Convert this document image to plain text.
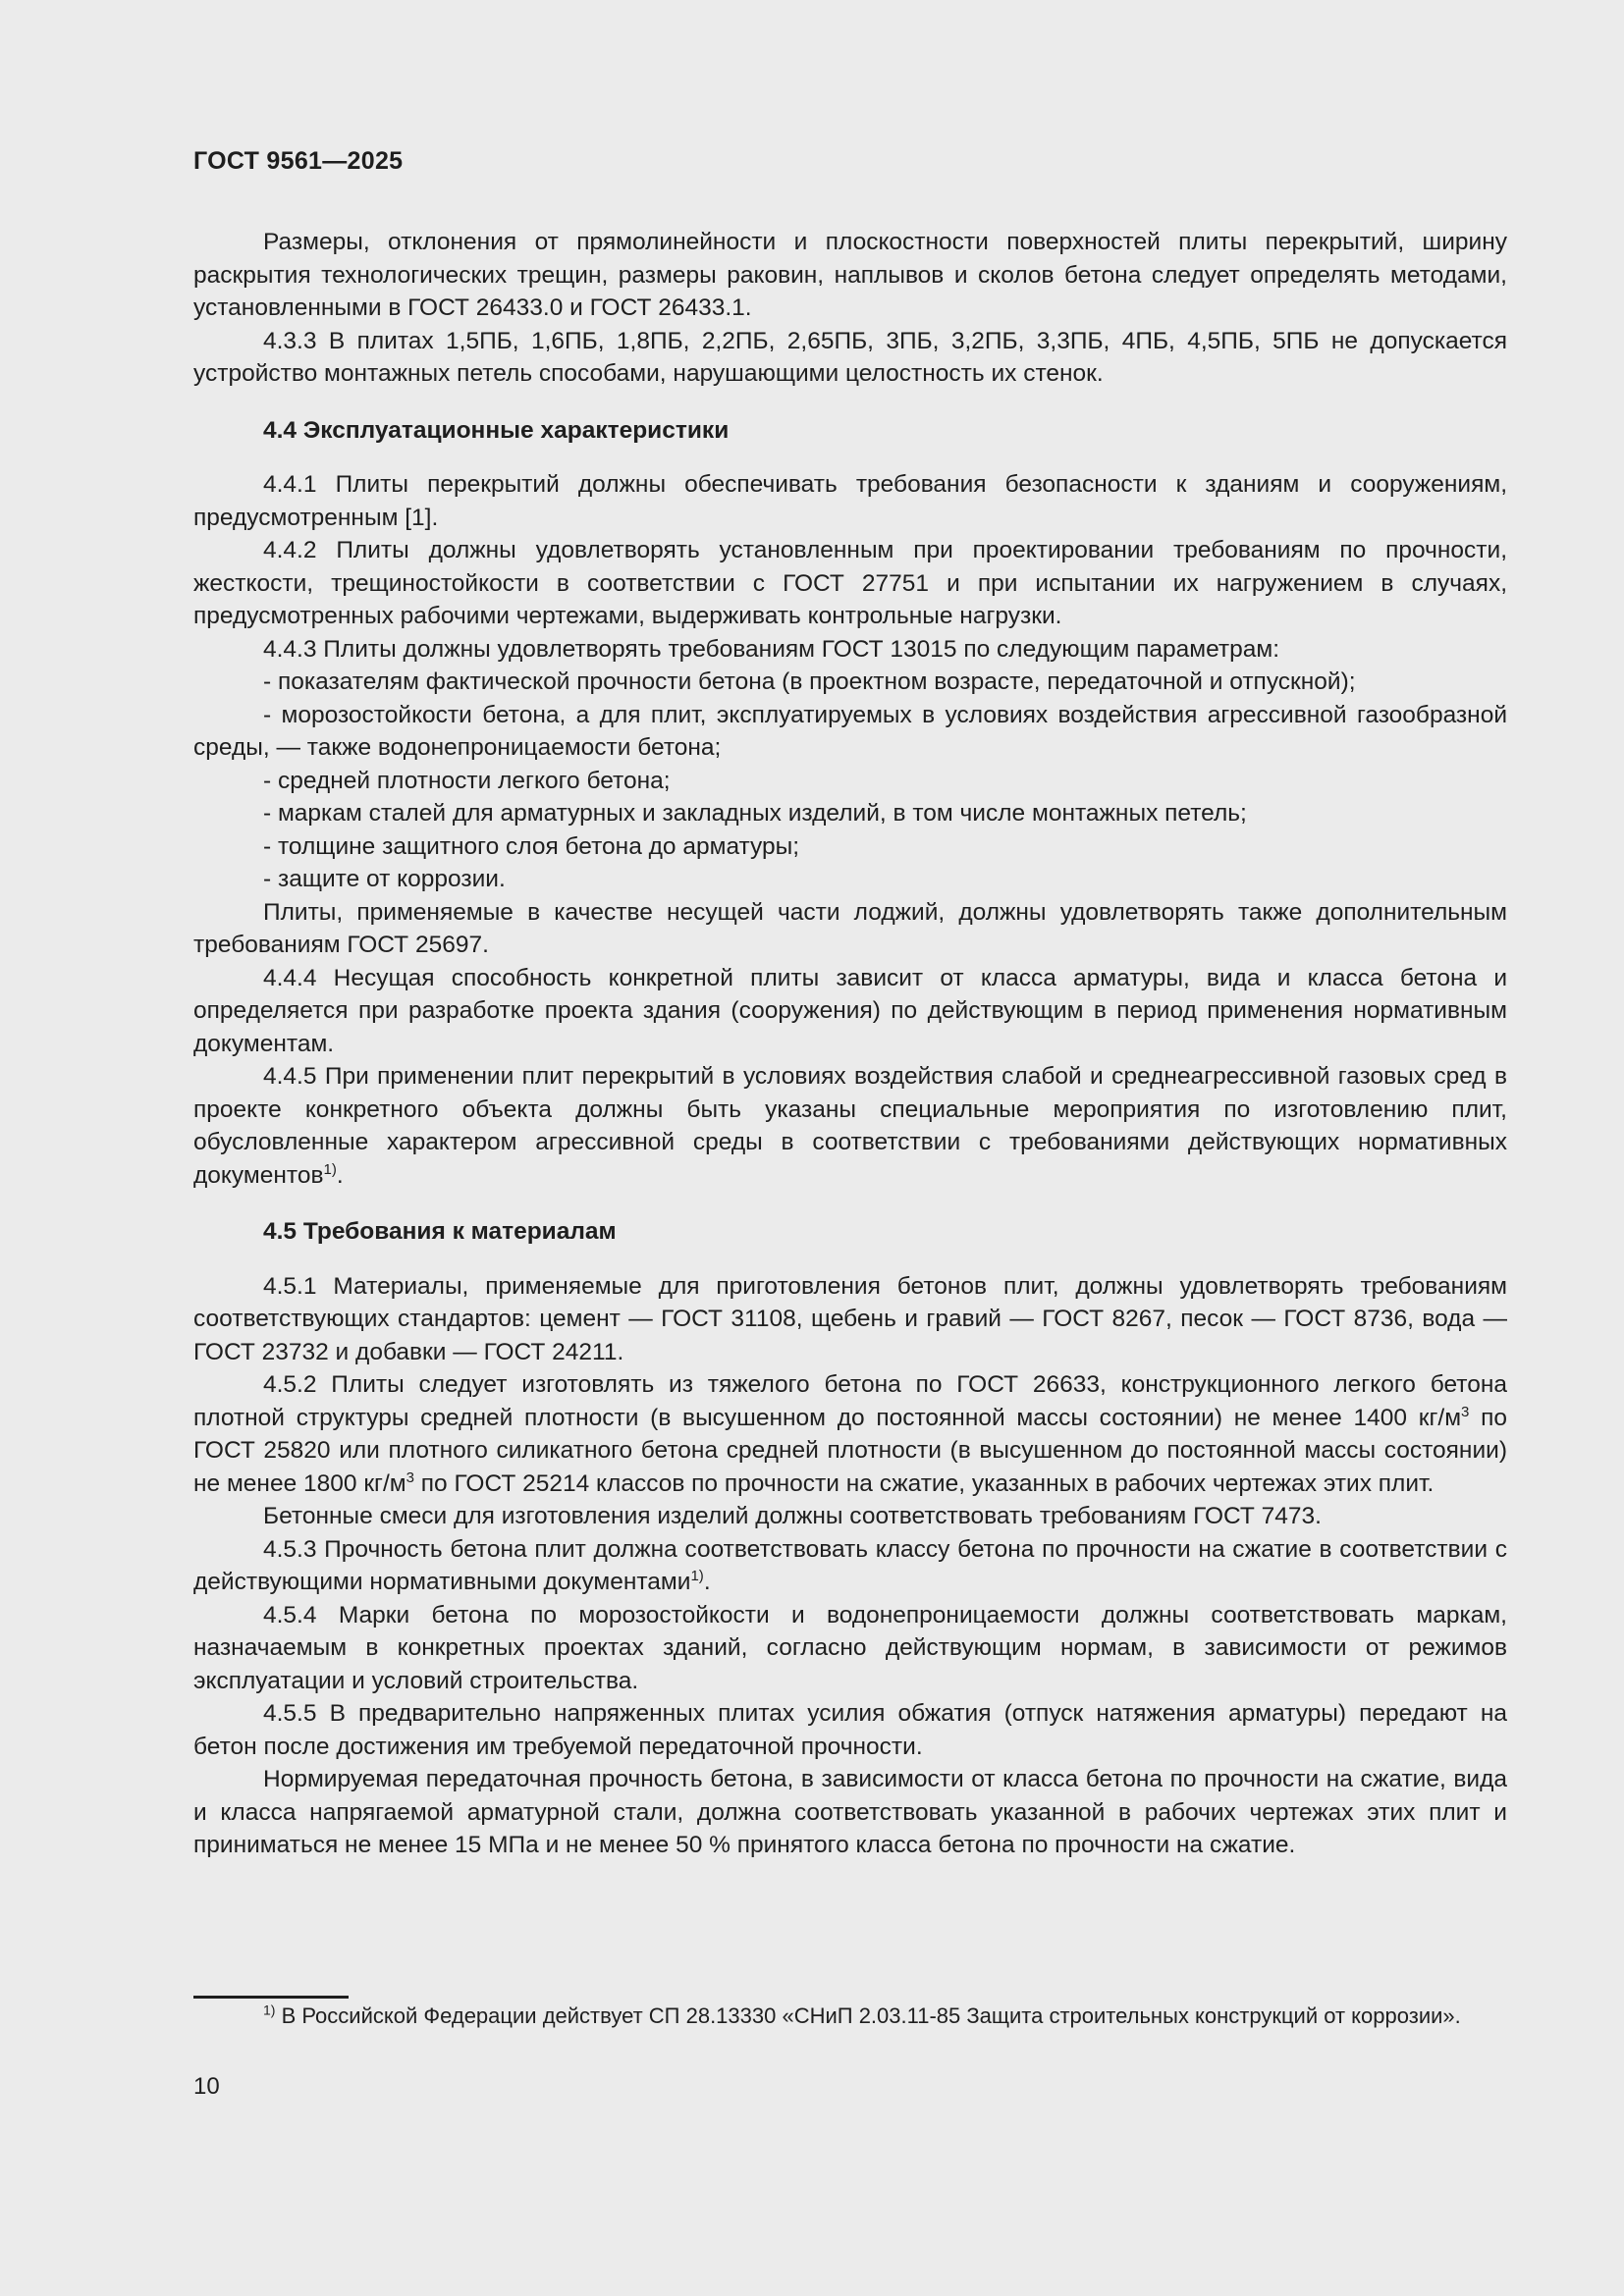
ГОСТ 9561—2025

Размеры, отклонения от прямолинейности и плоскостности поверхностей плиты перекрытий, ширину раскрытия технологических трещин, размеры раковин, наплывов и сколов бетона следует определять методами, установленными в ГОСТ 26433.0 и ГОСТ 26433.1.

4.3.3 В плитах 1,5ПБ, 1,6ПБ, 1,8ПБ, 2,2ПБ, 2,65ПБ, 3ПБ, 3,2ПБ, 3,3ПБ, 4ПБ, 4,5ПБ, 5ПБ не допускается устройство монтажных петель способами, нарушающими целостность их стенок.

4.4 Эксплуатационные характеристики

4.4.1 Плиты перекрытий должны обеспечивать требования безопасности к зданиям и сооружениям, предусмотренным [1].

4.4.2 Плиты должны удовлетворять установленным при проектировании требованиям по прочности, жесткости, трещиностойкости в соответствии с ГОСТ 27751 и при испытании их нагружением в случаях, предусмотренных рабочими чертежами, выдерживать контрольные нагрузки.

4.4.3 Плиты должны удовлетворять требованиям ГОСТ 13015 по следующим параметрам:

- показателям фактической прочности бетона (в проектном возрасте, передаточной и отпускной);

- морозостойкости бетона, а для плит, эксплуатируемых в условиях воздействия агрессивной газообразной среды, — также водонепроницаемости бетона;

- средней плотности легкого бетона;

- маркам сталей для арматурных и закладных изделий, в том числе монтажных петель;

- толщине защитного слоя бетона до арматуры;

- защите от коррозии.

Плиты, применяемые в качестве несущей части лоджий, должны удовлетворять также дополнительным требованиям ГОСТ 25697.

4.4.4 Несущая способность конкретной плиты зависит от класса арматуры, вида и класса бетона и определяется при разработке проекта здания (сооружения) по действующим в период применения нормативным документам.

4.4.5 При применении плит перекрытий в условиях воздействия слабой и среднеагрессивной газовых сред в проекте конкретного объекта должны быть указаны специальные мероприятия по изготовлению плит, обусловленные характером агрессивной среды в соответствии с требованиями действующих нормативных документов$^{1)}$.

4.5 Требования к материалам

4.5.1 Материалы, применяемые для приготовления бетонов плит, должны удовлетворять требованиям соответствующих стандартов: цемент — ГОСТ 31108, щебень и гравий — ГОСТ 8267, песок — ГОСТ 8736, вода — ГОСТ 23732 и добавки — ГОСТ 24211.

4.5.2 Плиты следует изготовлять из тяжелого бетона по ГОСТ 26633, конструкционного легкого бетона плотной структуры средней плотности (в высушенном до постоянной массы состоянии) не менее 1400 $кг/м^3$ по ГОСТ 25820 или плотного силикатного бетона средней плотности (в высушенном до постоянной массы состоянии) не менее 1800 $кг/м^3$ по ГОСТ 25214 классов по прочности на сжатие, указанных в рабочих чертежах этих плит.

Бетонные смеси для изготовления изделий должны соответствовать требованиям ГОСТ 7473.

4.5.3 Прочность бетона плит должна соответствовать классу бетона по прочности на сжатие в соответствии с действующими нормативными документами$^{1)}$.

4.5.4 Марки бетона по морозостойкости и водонепроницаемости должны соответствовать маркам, назначаемым в конкретных проектах зданий, согласно действующим нормам, в зависимости от режимов эксплуатации и условий строительства.

4.5.5 В предварительно напряженных плитах усилия обжатия (отпуск натяжения арматуры) передают на бетон после достижения им требуемой передаточной прочности.

Нормируемая передаточная прочность бетона, в зависимости от класса бетона по прочности на сжатие, вида и класса напрягаемой арматурной стали, должна соответствовать указанной в рабочих чертежах этих плит и приниматься не менее 15 МПа и не менее 50 % принятого класса бетона по прочности на сжатие.

$^{1)}$ В Российской Федерации действует СП 28.13330 «СНиП 2.03.11-85 Защита строительных конструкций от коррозии».
10
